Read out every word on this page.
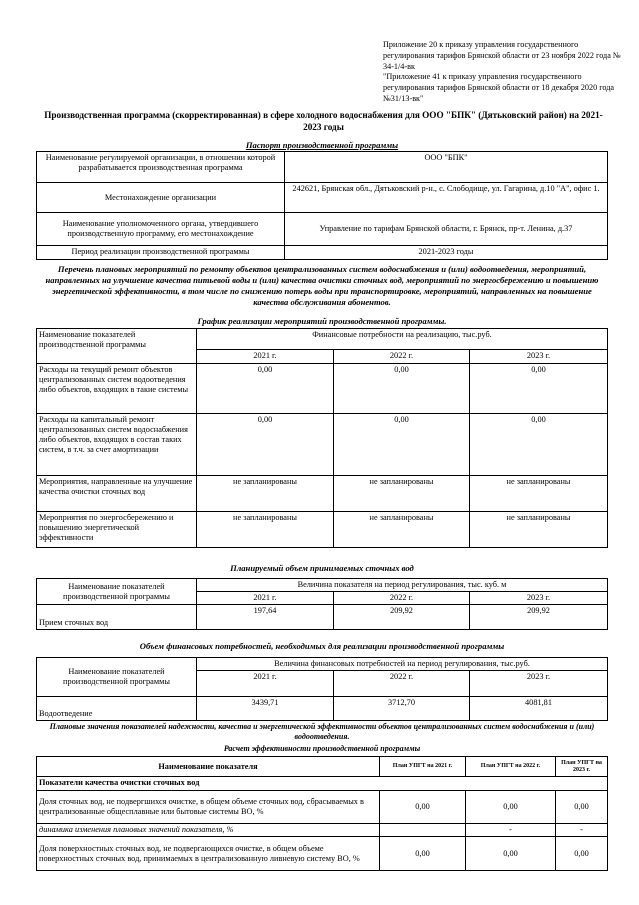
Приложение 20 к приказу управления государственного регулирования тарифов Брянской области от 23 ноября 2022 года № 34-1/4-вк
"Приложение 41 к приказу управления государственного регулирования тарифов Брянской области от 18 декабря 2020 года №31/13-вк"
Производственная программа (скорректированная) в сфере холодного водоснабжения для ООО "БПК" (Дятьковский район) на 2021-2023 годы
Паспорт производственной программы
Наименование регулируемой организации, в отношении которой разрабатывается производственная программа	ООО "БПК"
Местонахождение организации	242621, Брянская обл., Дятьковский р-н., с. Слободище, ул. Гагарина, д.10 "А", офис 1.
Наименование уполномоченного органа, утвердившего производственную программу, его местонахождение	Управление по тарифам Брянской области, г. Брянск, пр-т. Ленина, д.37
Период реализации производственной программы	2021-2023 годы
Перечень плановых мероприятий по ремонту объектов централизованных систем водоснабжения и (или) водоотведения, мероприятий, направленных на улучшение качества питьевой воды и (или) качества очистки сточных вод, мероприятий по энергосбережению и повышению энергетической эффективности, в том числе по снижению потерь воды при транспортировке, мероприятий, направленных на повышение качества обслуживания абонентов.
График реализации мероприятий производственной программы.
Наименование показателей производственной программы	Финансовые потребности на реализацию, тыс.руб.		
	2021 г.	2022 г.	2023 г.
Расходы на текущий ремонт объектов централизованных систем водоотведения либо объектов, входящих в такие системы	0,00	0,00	0,00
Расходы на капитальный ремонт централизованных систем водоснабжения либо объектов, входящих в состав таких систем, в т.ч. за счет амортизации	0,00	0,00	0,00
Мероприятия, направленные на улучшение качества очистки сточных вод	не запланированы	не запланированы	не запланированы
Мероприятия по энергосбережению и повышению энергетической эффективности	не запланированы	не запланированы	не запланированы
Планируемый объем принимаемых сточных вод
Наименование показателей производственной программы	Величина показателя на период регулирования, тыс. куб. м		
	2021 г.	2022 г.	2023 г.
Прием сточных вод	197,64	209,92	209,92
Объем финансовых потребностей, необходимых для реализации производственной программы
Наименование показателей производственной программы	Величина финансовых потребностей на период регулирования, тыс.руб.		
	2021 г.	2022 г.	2023 г.
Водоотведение	3439,71	3712,70	4081,81
Плановые значения показателей надежности, качества и энергетической эффективности объектов централизованных систем водоснабжения и (или) водоотведения.
Расчет эффективности производственной программы
Наименование показателя	План УПГТ на 2021 г.	План УПГТ на 2022 г.	План УПГТ на 2023 г.
Показатели качества очистки сточных вод			
Доля сточных вод, не подвергшихся очистке, в общем объеме сточных вод, сбрасываемых в централизованные общесплавные или бытовые системы ВО, %	0,00	0,00	0,00
динамика изменения плановых значений показателя, %		-	-
Доля поверхностных сточных вод, не подвергающихся очистке, в общем объеме поверхностных сточных вод, принимаемых в централизованную ливневую систему ВО, %	0,00	0,00	0,00
